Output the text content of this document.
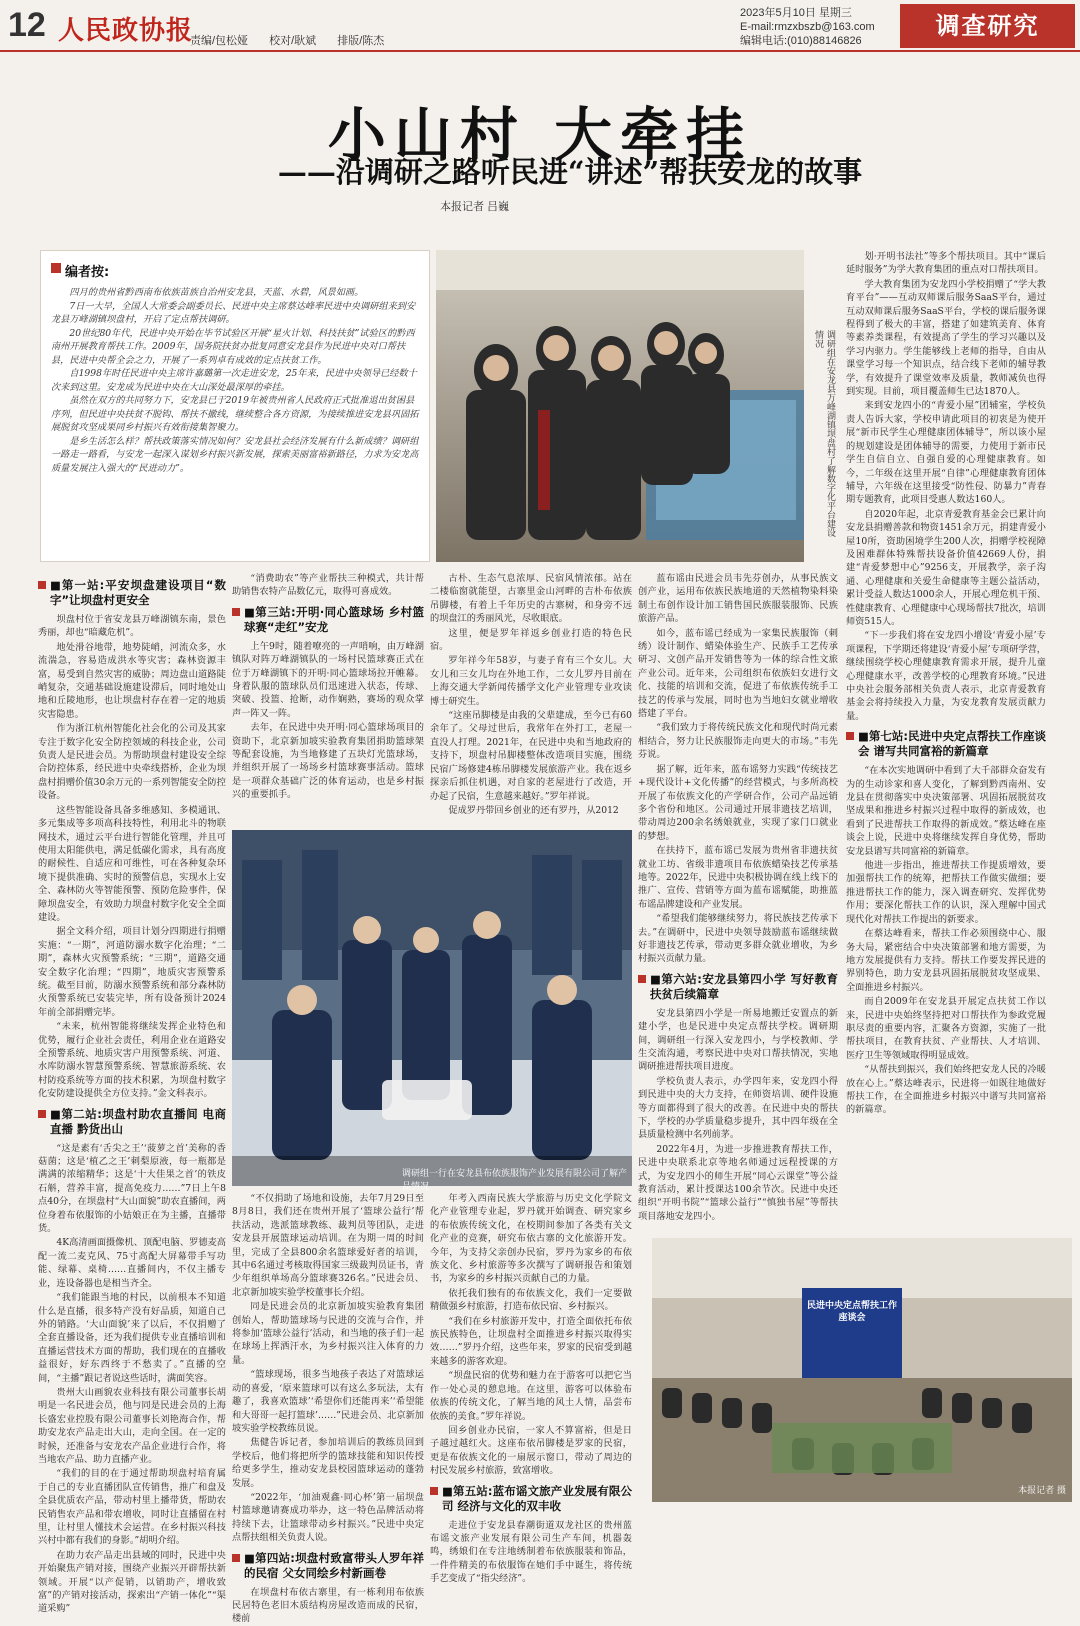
12 人民政协报
责编/包松娅 校对/耿斌 排版/陈杰
2023年5月10日 星期三
E-mail:rmzxbszb@163.com
编辑电话:(010)88146826
调查研究
小山村 大牵挂
——沿调研之路听民进“讲述”帮扶安龙的故事
本报记者 吕巍
编者按:

四月的贵州省黔西南布依族苗族自治州安龙县，天蓝、水碧，风景如画。

7日一大早，全国人大常委会副委员长、民进中央主席蔡达峰率民进中央调研组来到安龙县万峰湖镇坝盘村，开启了定点帮扶调研。

20世纪80年代，民进中央开始在毕节试验区开展“星火计划、科技扶贫”试验区的黔西南州开展教育帮扶工作。2009年，国务院扶贫办批复同意安龙县作为民进中央对口帮扶县，民进中央帮全会之力，开展了一系列卓有成效的定点扶贫工作。

自1998年时任民进中央主席许嘉璐第一次走进安龙，25年来，民进中央领导已经数十次来到这里。安龙成为民进中央在大山深处最深厚的牵挂。

虽然在双方的共同努力下，安龙县已于2019年被贵州省人民政府正式批准退出贫困县序列，但民进中央扶贫不脱钩、帮扶不撤线，继续整合各方资源，为接续推进安龙县巩固拓展脱贫攻坚成果同乡村振兴有效衔接集智聚力。

是乡生活怎么样？帮扶政策落实情况如何？安龙县社会经济发展有什么新成绩？调研组一路走一路看，与安龙一起深入谋划乡村振兴新发展，探索美丽富裕新路径，力求为安龙高质量发展注入强大的“民进动力”。	调研组在安龙县万峰湖镇坝盘村了解数字化平台建设情况
■第一站:平安坝盘建设项目“数字”让坝盘村更安全

坝盘村位于省安龙县万峰湖镇东南，景色秀丽，却也“暗藏危机”。

地处滑谷地带，地势陡峭，河流众多，水流湍急，容易造成洪水等灾害；森林资源丰富，易受到自然灾害的威胁；周边盘山道路陡峭复杂，交通基础设施建设滞后，同时地处山地和丘陵地形，也让坝盘村存在着一定的地质灾害隐患。

作为浙江杭州智能化社会化的公司及其家专注于数字化安全防控领域的科技企业，公司负责人是民进会员。为帮助坝盘村建设安全综合防控体系，经民进中央牵线搭桥，企业为坝盘村捐赠价值30余万元的一系列智能安全防控设备。

这些智能设备具备多维感知、多模通讯、多元集成等多项高科技特性，利用北斗的物联网技术，通过云平台进行智能化管理，并且可使用太阳能供电，满足低碳化需求，具有高度的耐候性、自适应和可维性，可在各种复杂环境下提供准确、实时的预警信息，实现水上安全、森林防火等智能预警、预防危险事件，保障坝盘安全，有效助力坝盘村数字化安全全面建设。

据全文科介绍，项目计划分四期进行捐赠实施：“一期”，河道防溺水数字化治理；“二期”，森林火灾预警系统；“三期”，道路交通安全数字化治理；“四期”，地质灾害预警系统。截至目前，防溺水预警系统和部分森林防火预警系统已安装完毕，所有设备预计2024年前全部捐赠完毕。

“未来，杭州智能将继续发挥企业特色和优势，履行企业社会责任，利用企业在道路安全预警系统、地质灾害户用预警系统、河道、水库防溺水智慧预警系统、智慧旅游系统、农村防疫系统等方面的技术积累，为坝盘村数字化安防建设提供全方位支持。”金文科表示。

■第二站:坝盘村助农直播间 电商直播 黔货出山

“这是素有‘舌尖之王’‘菠萝之首’美称的香菇菌；这是‘植乙之王’刺梨原液，每一瓶都是满满的浓缩精华；这是‘十大佳果之首’的铁皮石斛，营养丰富，提高免疫力……”7日上午8点40分，在坝盘村“大山面貌”助农直播间，两位身着布依服饰的小姑娘正在为主播，直播带货。

4K高清画面摄像机、顶配电脑、罗德麦高配一流二麦克风、75寸高配大屏幕带手写功能、绿幕、桌椅……直播间内，不仅主播专业，连设备器也是相当齐全。

“我们能跟当地的村民，以前根本不知道什么是直播，很多特产没有好品质，知道自己外的销路。‘大山面貌’来了以后，不仅捐赠了全套直播设备，还为我们提供专业直播培训和直播运营技术方面的帮助，我们现在的直播收益很好，好东西终于不愁卖了。”直播的空间，“主播”跟记者说这些话时，满面笑容。

贵州大山画貌农业科技有限公司董事长胡明是一名民进会员，他与同是民进会员的上海长盛宏业控股有限公司董事长刘艳海合作，帮助安龙农产品走出大山，走向全国。在一定的时候，还准备与安龙农产品企业进行合作，将当地农产品、助力直播产业。

“我们的目的在于通过帮助坝盘村培育属于自己的专业直播团队宣传销售，推广和盘及全县优质农产品，带动村里上播带货，帮助农民销售农产品和带农增收，同时让直播留在村里，让村里人懂技术会运营。在乡村振兴科技兴村中都有我们的身影。”胡明介绍。

在助力农产品走出县域的同时，民进中央开始聚焦产销对接，围绕产业振兴开辟帮扶新领域。开展“以产促销，以销助产，增收致富”的产销对接活动，探索出“产销一体化”“渠道采购”

“消费助农”等产业帮扶三种模式，共计帮助销售农特产品数亿元，取得可喜成效。

■第三站:开明·同心篮球场 乡村篮球赛“走红”安龙

上午9时，随着嘹亮的一声哨响，由万峰湖镇队对阵万峰湖镇队的一场村民篮球赛正式在位于万峰湖镇下的开明·同心篮球场拉开帷幕。身着队服的篮球队员们迅速进入状态，传球、突破、投篮、抢断，动作娴熟，赛场的观众掌声一阵又一阵。

去年，在民进中央开明·同心篮球场项目的资助下，北京新加坡实验教育集团捐助篮球架等配套设施，为当地修建了五块灯光篮球场，并组织开展了一场场乡村篮球赛事活动。篮球是一项群众基础广泛的体育运动，也是乡村振兴的重要抓手。

古朴、生态气息浓厚、民宿风情浓郁。站在二楼临窗就能望，古寨里金山河畔的吉朴布依族吊脚楼，有着上千年历史的古寨树，和身旁不远的坝盘江的秀丽风光，尽收眼底。

这里，便是罗年祥返乡创业打造的特色民宿。

罗年祥今年58岁，与妻子育有三个女儿。大女儿和三女儿均在外地工作，二女儿罗丹目前在上海交通大学新闻传播学文化产业管理专业攻读博士研究生。

“这座吊脚楼是由我的父辈建成，至今已有60余年了。父母过世后，我常年在外打工，老屋一直没人打理。2021年，在民进中央和当地政府的支持下，坝盘村吊脚楼整体改造项目实施，围绕民宿广场修建4栋吊脚楼发展旅游产业。我在返乡探亲后抓住机遇，对自家的老屋进行了改造，开办起了民宿，生意越来越好。”罗年祥说。

促成罗丹带回乡创业的还有罗丹，从2012

调研组一行在安龙县布依族服饰产业发展有限公司了解产品情况

“不仅捐助了场地和设施，去年7月29日至8月8日，我们还在贵州开展了‘篮球公益行’帮扶活动，选派篮球教练、裁判员等团队，走进安龙县开展篮球运动培训。在为期一周的时间里，完成了全县800余名篮球爱好者的培训，其中6名通过考核取得国家三级裁判员证书，青少年组织单场高分篮球赛326名。”民进会员、北京新加坡实验学校董事长介绍。

同是民进会员的北京新加坡实验教育集团创始人，帮助篮球场与民进的交流与合作，并将参加‘篮球公益行’活动，和当地的孩子们一起在球场上挥洒汗水，为乡村振兴注入体育的力量。

“篮球现场，很多当地孩子表达了对篮球运动的喜爱，‘原来篮球可以有这么多玩法，太有趣了，我喜欢篮球’‘希望你们还能再来’‘希望能和大哥哥一起打篮球’……”民进会员、北京新加坡实验学校教练员说。

焦健告诉记者，参加培训后的教练员回到学校后，他们将把所学的篮球技能和知识传授给更多学生，推动安龙县校园篮球运动的蓬勃发展。

“2022年，‘加油观鑫·同心杯’第一届坝盘村篮球邀请赛成功举办，这一特色品牌活动将持续下去，让篮球带动乡村振兴。”民进中央定点帮扶组相关负责人说。

■第四站:坝盘村致富带头人罗年祥的民宿 父女同绘乡村新画卷

在坝盘村布依古寨里，有一栋利用布依族民居特色老旧木质结构房屋改造而成的民宿，楼前

年考入西南民族大学旅游与历史文化学院文化产业管理专业起，罗丹就开始调查、研究家乡的布依族传统文化，在校期间参加了各类有关文化产业的竞赛，研究布依古寨的文化旅游开发。今年，为支持父亲创办民宿，罗丹为家乡的布依族文化、乡村旅游等多次撰写了调研报告和策划书，为家乡的乡村振兴贡献自己的力量。

依托我们独有的布依族文化，我们一定要做精做强乡村旅游，打造布依民宿、乡村振兴。

“我们在乡村旅游开发中，打造全面依托布依族民族特色，让坝盘村全面推进乡村振兴取得实效……”罗丹介绍，这些年来，罗家的民宿受到越来越多的游客欢迎。

“坝盘民宿的优势和魅力在于游客可以把它当作一处心灵的憩息地。在这里，游客可以体验布依族的传统文化，了解当地的风土人情，品尝布依族的美食。”罗年祥说。

回乡创业办民宿，一家人不算富裕，但是日子越过越红火。这座布依吊脚楼是罗家的民宿，更是布依族文化的一扇展示窗口，带动了周边的村民发展乡村旅游，致富增收。

■第五站:蓝布谣文旅产业发展有限公司 经济与文化的双丰收

走进位于安龙县春潮街道双龙社区的贵州蓝布谣文旅产业发展有限公司生产车间，机器轰鸣，绣娘们在专注地绣制着布依族服装和饰品，一件件精美的布依服饰在她们手中诞生，将传统手艺变成了“指尖经济”。

蓝布谣由民进会员韦先芬创办，从事民族文创产业，运用布依族民族地道的天然植物染料染制土布创作设计加工销售国民族服装服饰、民族旅游产品。

如今，蓝布谣已经成为一家集民族服饰（刺绣）设计制作、蜡染体验生产、民族手工艺传承研习、文创产品开发销售等为一体的综合性文旅产业公司。近年来，公司组织布依族妇女进行文化、技能的培训和交流，促进了布依族传统手工技艺的传承与发展，同时也为当地妇女就业增收搭建了平台。

“我们致力于将传统民族文化和现代时尚元素相结合，努力让民族服饰走向更大的市场。”韦先芬说。

据了解，近年来，蓝布谣努力实践“传统技艺+现代设计+文化传播”的经营模式，与多所高校开展了布依族文化的产学研合作，公司产品远销多个省份和地区。公司通过开展非遗技艺培训，带动周边200余名绣娘就业，实现了家门口就业的梦想。

在扶持下，蓝布谣已发展为贵州省非遗扶贫就业工坊、省级非遗项目布依族蜡染技艺传承基地等。2022年，民进中央积极协调在线上线下的推广、宣传、营销等方面为蓝布谣赋能，助推蓝布谣品牌建设和产业发展。

“希望我们能够继续努力，将民族技艺传承下去。”在调研中，民进中央领导鼓励蓝布谣继续做好非遗技艺传承，带动更多群众就业增收，为乡村振兴贡献力量。

■第六站:安龙县第四小学 写好教育扶贫后续篇章

安龙县第四小学是一所易地搬迁安置点的新建小学，也是民进中央定点帮扶学校。调研期间，调研组一行深入安龙四小，与学校教师、学生交流沟通，考察民进中央对口帮扶情况，实地调研推进帮扶项目进度。

学校负责人表示，办学四年来，安龙四小得到民进中央的大力支持，在师资培训、硬件设施等方面都得到了很大的改善。在民进中央的帮扶下，学校的办学质量稳步提升，其中四年级在全县质量检测中名列前茅。

2022年4月，为进一步推进教育帮扶工作，民进中央联系北京等地名师通过远程授课的方式，为安龙四小的师生开展“同心云课堂”等公益教育活动，累计授课达100余节次。民进中央还组织“开明书院”“篮球公益行”“慎独书屋”等帮扶项目落地安龙四小。

划·开明书法社”等多个帮扶项目。其中“课后延时服务”为学大教育集团的重点对口帮扶项目。

学大教育集团为安龙四小学校捐赠了“学大教育平台”——互动双师课后服务SaaS平台，通过互动双师课后服务SaaS平台，学校的课后服务课程得到了极大的丰富，搭建了如建筑美育、体育等素养类课程，有效提高了学生的学习兴趣以及学习内驱力。学生能够线上老师的指导，自由从课堂学习每一个知识点，结合线下老师的辅导教学，有效提升了课堂效率及质量，教师减负也得到实现。目前，项目覆盖师生已达1870人。

来到安龙四小的“青爱小屋”团辅室，学校负责人告诉大家，学校申请此项目的初衷是为使开展“新市民学生心理健康团体辅导”，所以该小屋的规划建设是团体辅导的需要，力使用于新市民学生自信自立、自强自爱的心理健康教育。如今，二年级在这里开展“自律”心理健康教育团体辅导，六年级在这里接受“防性侵、防暴力”青春期专题教育，此项目受惠人数达160人。

自2020年起，北京青爱教育基金会已累计向安龙县捐赠善款和物资1451余万元，捐建青爱小屋10所，资助困境学生200人次，捐赠学校视障及困难群体特殊帮扶设备价值42669人份，捐建“青爱梦想中心”9256支，开展教学，亲子沟通、心理健康和关爱生命健康等主题公益活动，累计受益人数达1000余人，开展心理危机干预、性健康教育、心理健康中心现场帮扶7批次，培训师资515人。

“下一步我们将在安龙四小增设‘青爱小屋’专项课程，下学期还将建设‘青爱小屋’专项研学营，继续围绕学校心理健康教育需求开展，提升儿童心理健康水平，改善学校的心理教育环境。”民进中央社会服务部相关负责人表示，北京青爱教育基金会将持续投入力量，为安龙教育发展贡献力量。

■第七站:民进中央定点帮扶工作座谈会 谱写共同富裕的新篇章

“在本次实地调研中看到了大千部群众奋发有为的生动诊家和喜人变化，了解到黔西南州、安龙县在贯彻落实中央决策部署、巩固拓展脱贫攻坚成果和推进乡村振兴过程中取得的新成效，也看到了民进帮扶工作取得的新成效。”蔡达峰在座谈会上说，民进中央将继续发挥自身优势，帮助安龙县谱写共同富裕的新篇章。

他进一步指出，推进帮扶工作提质增效，要加强帮扶工作的统筹，把帮扶工作做实做细；要推进帮扶工作的能力，深入调查研究、发挥优势作用；要深化帮扶工作的认识，深入理解中国式现代化对帮扶工作提出的新要求。

在蔡达峰看来，帮扶工作必须围绕中心、服务大局，紧密结合中央决策部署和地方需要，为地方发展提供有力支持。帮扶工作要发挥民进的界别特色，助力安龙县巩固拓展脱贫攻坚成果、全面推进乡村振兴。

而自2009年在安龙县开展定点扶贫工作以来，民进中央始终坚持把对口帮扶作为参政党履职尽责的重要内容，汇聚各方资源，实施了一批帮扶项目，在教育扶贫、产业帮扶、人才培训、医疗卫生等领域取得明显成效。

“从帮扶到振兴，我们始终把安龙人民的冷暖放在心上。”蔡达峰表示，民进将一如既往地做好帮扶工作，在全面推进乡村振兴中谱写共同富裕的新篇章。

民进中央定点帮扶工作座谈会
本报记者 摄
